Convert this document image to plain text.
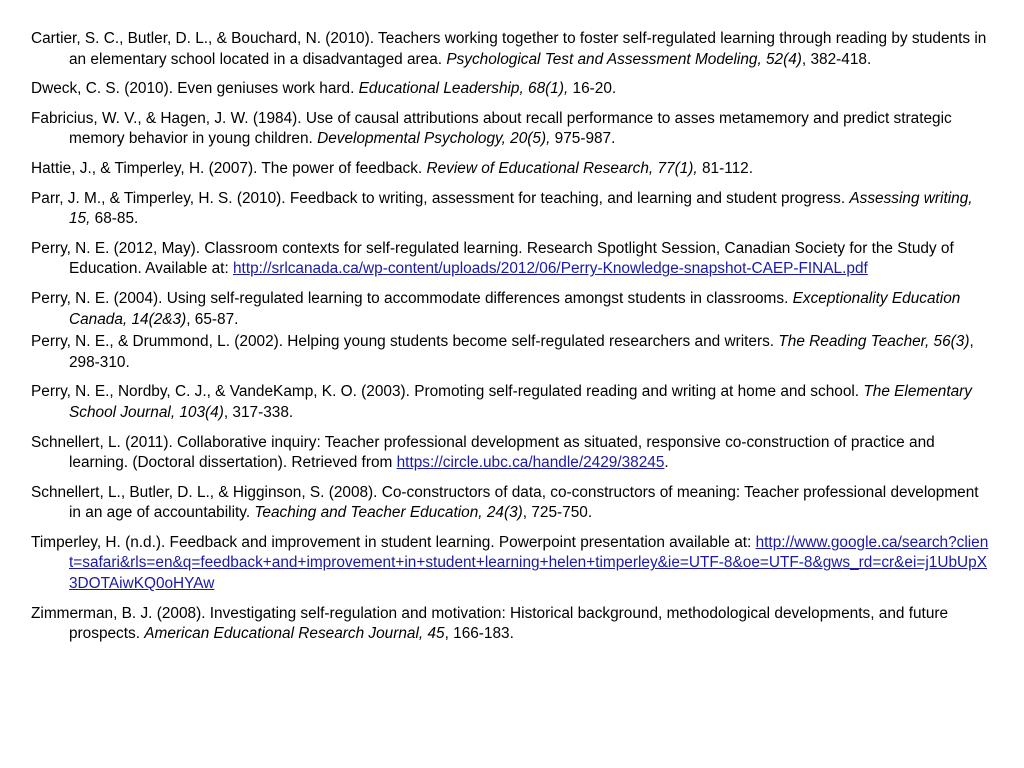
Cartier, S. C., Butler, D. L., & Bouchard, N. (2010). Teachers working together to foster self-regulated learning through reading by students in an elementary school located in a disadvantaged area. Psychological Test and Assessment Modeling, 52(4), 382-418.
Dweck, C. S. (2010). Even geniuses work hard. Educational Leadership, 68(1), 16-20.
Fabricius, W. V., & Hagen, J. W. (1984). Use of causal attributions about recall performance to asses metamemory and predict strategic memory behavior in young children. Developmental Psychology, 20(5), 975-987.
Hattie, J., & Timperley, H. (2007). The power of feedback. Review of Educational Research, 77(1), 81-112.
Parr, J. M., & Timperley, H. S. (2010). Feedback to writing, assessment for teaching, and learning and student progress. Assessing writing, 15, 68-85.
Perry, N. E. (2012, May). Classroom contexts for self-regulated learning. Research Spotlight Session, Canadian Society for the Study of Education. Available at: http://srlcanada.ca/wp-content/uploads/2012/06/Perry-Knowledge-snapshot-CAEP-FINAL.pdf
Perry, N. E. (2004). Using self-regulated learning to accommodate differences amongst students in classrooms. Exceptionality Education Canada, 14(2&3), 65-87.
Perry, N. E., & Drummond, L. (2002). Helping young students become self-regulated researchers and writers. The Reading Teacher, 56(3), 298-310.
Perry, N. E., Nordby, C. J., & VandeKamp, K. O. (2003). Promoting self-regulated reading and writing at home and school. The Elementary School Journal, 103(4), 317-338.
Schnellert, L. (2011). Collaborative inquiry: Teacher professional development as situated, responsive co-construction of practice and learning. (Doctoral dissertation). Retrieved from https://circle.ubc.ca/handle/2429/38245.
Schnellert, L., Butler, D. L., & Higginson, S. (2008). Co-constructors of data, co-constructors of meaning: Teacher professional development in an age of accountability. Teaching and Teacher Education, 24(3), 725-750.
Timperley, H. (n.d.). Feedback and improvement in student learning. Powerpoint presentation available at: http://www.google.ca/search?client=safari&rls=en&q=feedback+and+improvement+in+student+learning+helen+timperley&ie=UTF-8&oe=UTF-8&gws_rd=cr&ei=j1UbUpX3DOTAiwKQ0oHYAw
Zimmerman, B. J. (2008). Investigating self-regulation and motivation: Historical background, methodological developments, and future prospects. American Educational Research Journal, 45, 166-183.
